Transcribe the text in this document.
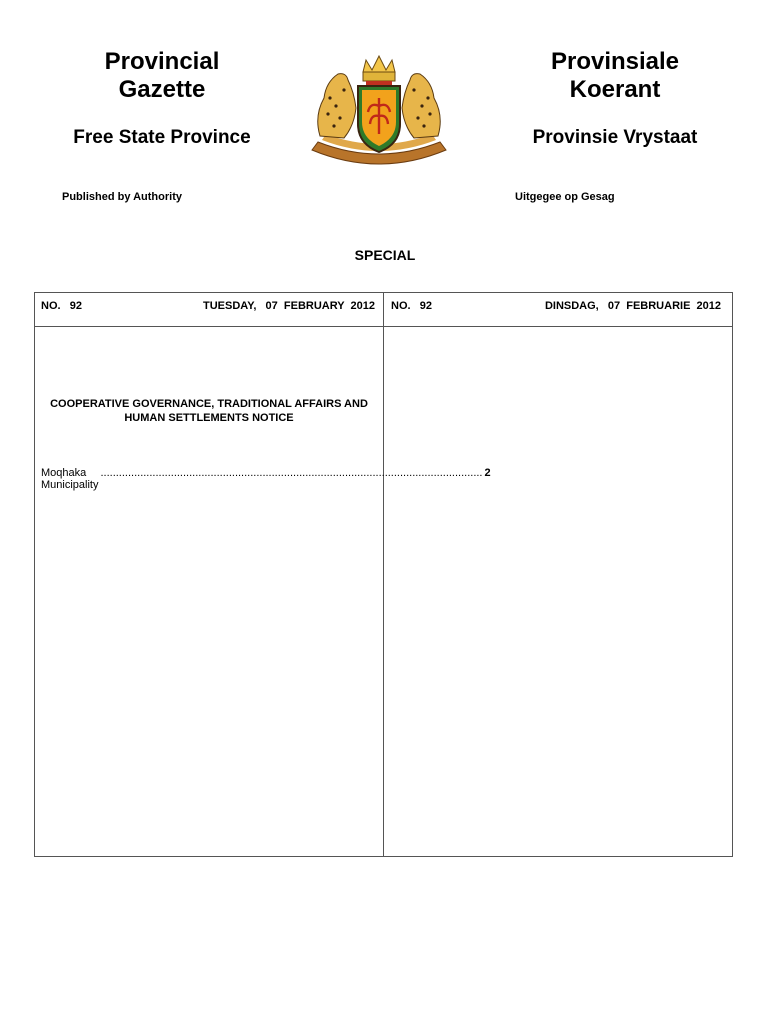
Provincial
Gazette
Free State Province
Published by Authority
Provinsiale
Koerant
Provinsie Vrystaat
Uitgegee op Gesag
SPECIAL
NO.   92	TUESDAY,   07  FEBRUARY  2012 NO.   92	DINSDAG,   07  FEBRUARIE  2012
COOPERATIVE GOVERNANCE, TRADITIONAL AFFAIRS AND
HUMAN SETTLEMENTS NOTICE
Moqhaka Municipality
............................................................................................................................. 2
